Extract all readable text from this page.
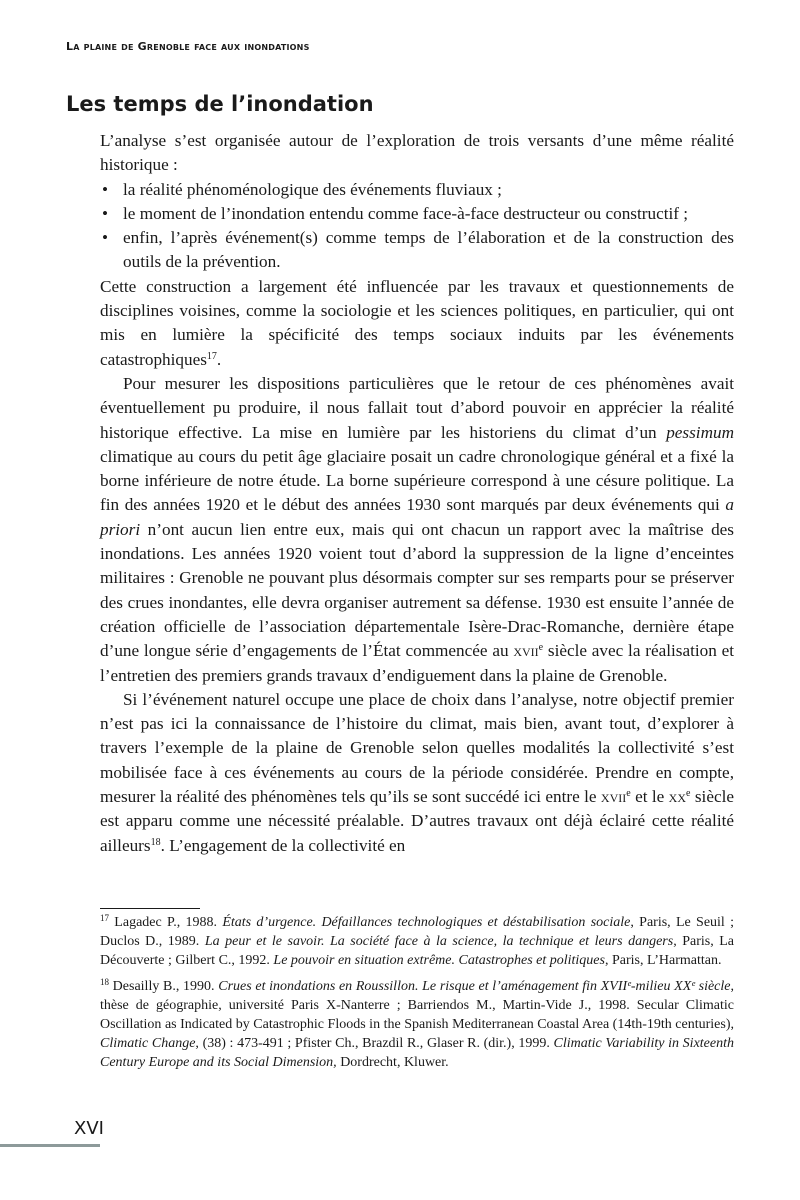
La plaine de Grenoble face aux inondations
Les temps de l’inondation

L’analyse s’est organisée autour de l’exploration de trois versants d’une même réalité historique :

• la réalité phénoménologique des événements fluviaux ;
• le moment de l’inondation entendu comme face-à-face destructeur ou constructif ;
• enfin, l’après événement(s) comme temps de l’élaboration et de la construction des outils de la prévention.

Cette construction a largement été influencée par les travaux et questionnements de disciplines voisines, comme la sociologie et les sciences politiques, en particulier, qui ont mis en lumière la spécificité des temps sociaux induits par les événements catastrophiques$^{17}$.

Pour mesurer les dispositions particulières que le retour de ces phénomènes avait éventuellement pu produire, il nous fallait tout d’abord pouvoir en apprécier la réalité historique effective. La mise en lumière par les historiens du climat d’un pessimum climatique au cours du petit âge glaciaire posait un cadre chronologique général et a fixé la borne inférieure de notre étude. La borne supérieure correspond à une césure politique. La fin des années 1920 et le début des années 1930 sont marqués par deux événements qui a priori n’ont aucun lien entre eux, mais qui ont chacun un rapport avec la maîtrise des inondations. Les années 1920 voient tout d’abord la suppression de la ligne d’enceintes militaires : Grenoble ne pouvant plus désormais compter sur ses remparts pour se préserver des crues inondantes, elle devra organiser autrement sa défense. 1930 est ensuite l’année de création officielle de l’association départementale Isère-Drac-Romanche, dernière étape d’une longue série d’engagements de l’État commencée au xvii$^e$ siècle avec la réalisation et l’entretien des premiers grands travaux d’endiguement dans la plaine de Grenoble.

Si l’événement naturel occupe une place de choix dans l’analyse, notre objectif premier n’est pas ici la connaissance de l’histoire du climat, mais bien, avant tout, d’explorer à travers l’exemple de la plaine de Grenoble selon quelles modalités la collectivité s’est mobilisée face à ces événements au cours de la période considérée. Prendre en compte, mesurer la réalité des phénomènes tels qu’ils se sont succédé ici entre le xvii$^e$ et le $xx^e$ siècle est apparu comme une nécessité préalable. D’autres travaux ont déjà éclairé cette réalité ailleurs$^{18}$. L’engagement de la collectivité en

$^{17}$ Lagadec P., 1988. États d’urgence. Défaillances technologiques et déstabilisation sociale, Paris, Le Seuil ; Duclos D., 1989. La peur et le savoir. La société face à la science, la technique et leurs dangers, Paris, La Découverte ; Gilbert C., 1992. Le pouvoir en situation extrême. Catastrophes et politiques, Paris, L’Harmattan.

$^{18}$ Desailly B., 1990. Crues et inondations en Roussillon. Le risque et l’aménagement fin XVIIᵉ-milieu XXᵉ siècle, thèse de géographie, université Paris X-Nanterre ; Barriendos M., Martin-Vide J., 1998. Secular Climatic Oscillation as Indicated by Catastrophic Floods in the Spanish Mediterranean Coastal Area (14th-19th centuries), Climatic Change, (38) : 473-491 ; Pfister Ch., Brazdil R., Glaser R. (dir.), 1999. Climatic Variability in Sixteenth Century Europe and its Social Dimension, Dordrecht, Kluwer.

XVI
